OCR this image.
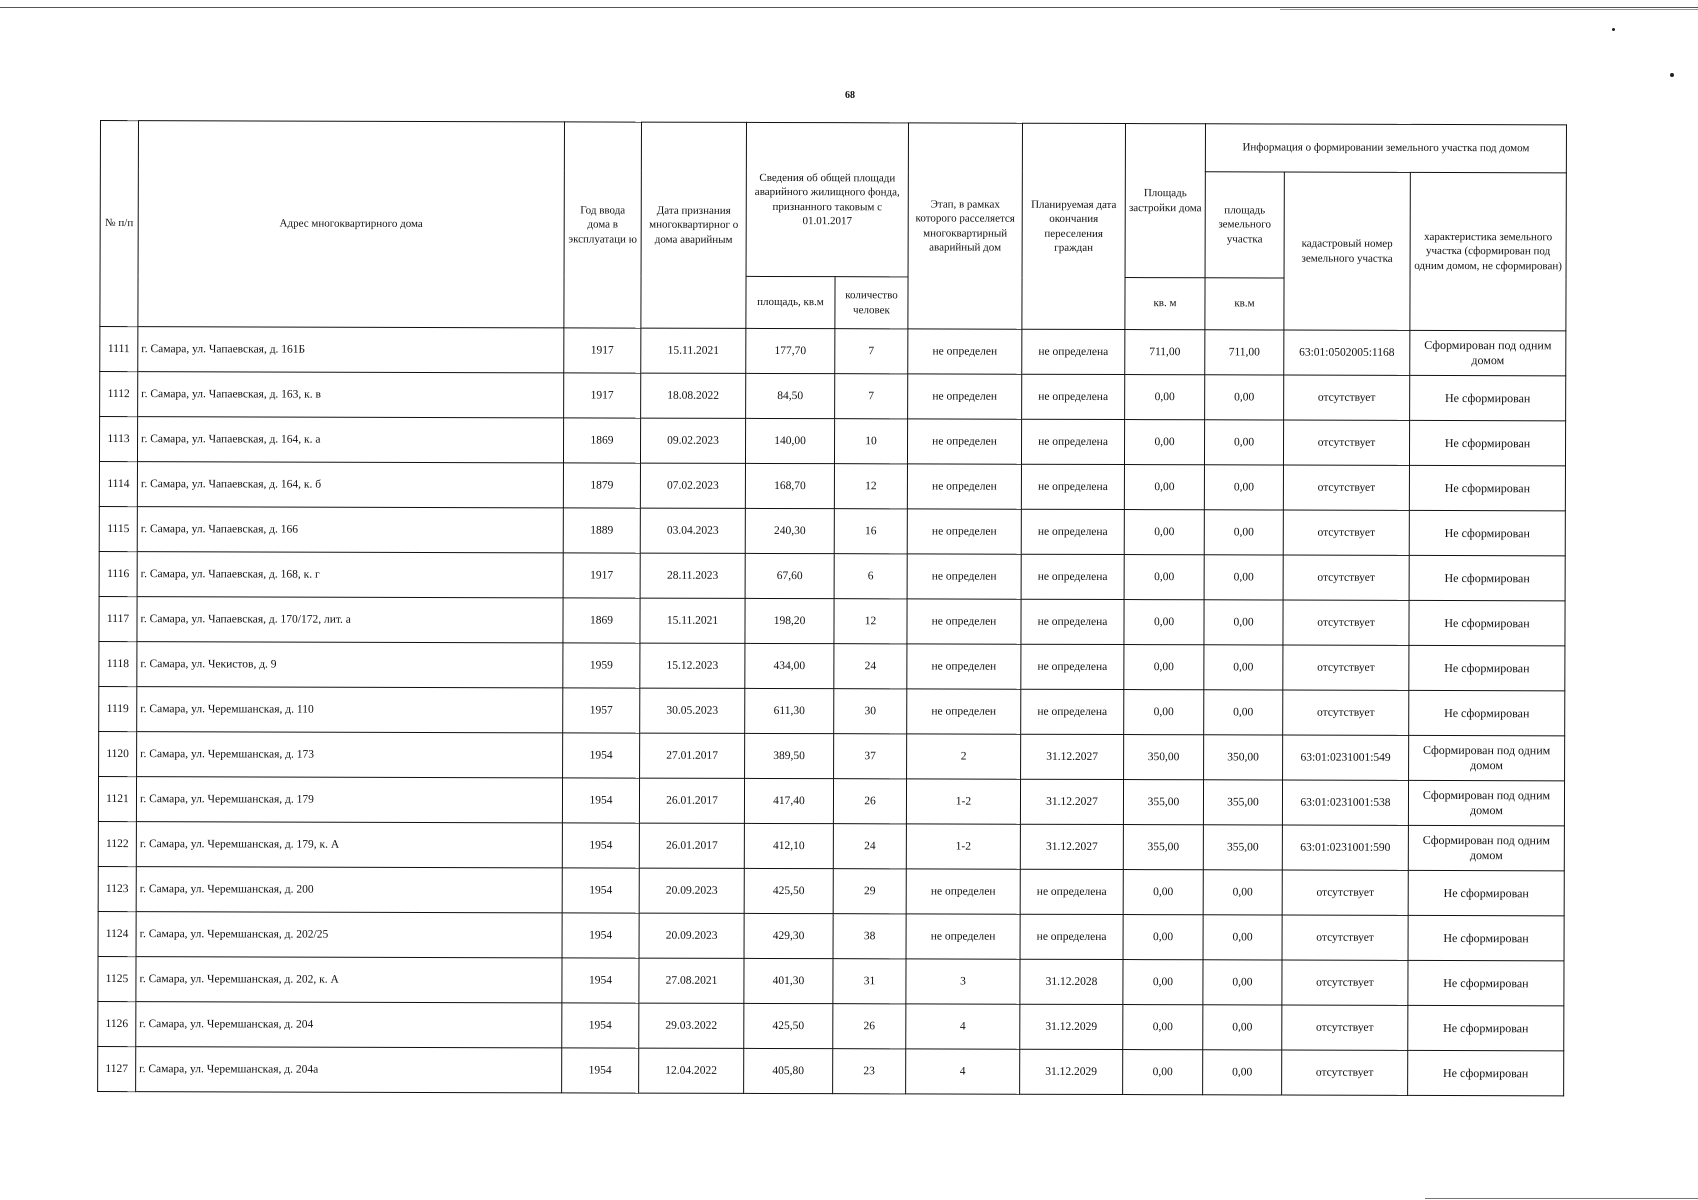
68
№ п/п	Адрес многоквартирного дома	Год ввода дома в эксплуатаци ю	Дата признания многоквартирног о дома аварийным	Сведения об общей площади аварийного жилищного фонда, признанного таковым с 01.01.2017		Этап, в рамках которого расселяется многоквартирный аварийный дом	Планируемая дата окончания переселения граждан	Площадь застройки дома	Информация о формировании земельного участка под домом		
									площадь земельного участка	кадастровый номер земельного участка	характеристика земельного участка (сформирован под одним домом, не сформирован)
				площадь, кв.м	количество человек			кв. м	кв.м		
1111	г. Самара, ул. Чапаевская, д. 161Б	1917	15.11.2021	177,70	7	не определен	не определена	711,00	711,00	63:01:0502005:1168	Сформирован под одним домом
1112	г. Самара, ул. Чапаевская, д. 163, к. в	1917	18.08.2022	84,50	7	не определен	не определена	0,00	0,00	отсутствует	Не сформирован
1113	г. Самара, ул. Чапаевская, д. 164, к. а	1869	09.02.2023	140,00	10	не определен	не определена	0,00	0,00	отсутствует	Не сформирован
1114	г. Самара, ул. Чапаевская, д. 164, к. б	1879	07.02.2023	168,70	12	не определен	не определена	0,00	0,00	отсутствует	Не сформирован
1115	г. Самара, ул. Чапаевская, д. 166	1889	03.04.2023	240,30	16	не определен	не определена	0,00	0,00	отсутствует	Не сформирован
1116	г. Самара, ул. Чапаевская, д. 168, к. г	1917	28.11.2023	67,60	6	не определен	не определена	0,00	0,00	отсутствует	Не сформирован
1117	г. Самара, ул. Чапаевская, д. 170/172, лит. а	1869	15.11.2021	198,20	12	не определен	не определена	0,00	0,00	отсутствует	Не сформирован
1118	г. Самара, ул. Чекистов, д. 9	1959	15.12.2023	434,00	24	не определен	не определена	0,00	0,00	отсутствует	Не сформирован
1119	г. Самара, ул. Черемшанская, д. 110	1957	30.05.2023	611,30	30	не определен	не определена	0,00	0,00	отсутствует	Не сформирован
1120	г. Самара, ул. Черемшанская, д. 173	1954	27.01.2017	389,50	37	2	31.12.2027	350,00	350,00	63:01:0231001:549	Сформирован под одним домом
1121	г. Самара, ул. Черемшанская, д. 179	1954	26.01.2017	417,40	26	1-2	31.12.2027	355,00	355,00	63:01:0231001:538	Сформирован под одним домом
1122	г. Самара, ул. Черемшанская, д. 179, к. А	1954	26.01.2017	412,10	24	1-2	31.12.2027	355,00	355,00	63:01:0231001:590	Сформирован под одним домом
1123	г. Самара, ул. Черемшанская, д. 200	1954	20.09.2023	425,50	29	не определен	не определена	0,00	0,00	отсутствует	Не сформирован
1124	г. Самара, ул. Черемшанская, д. 202/25	1954	20.09.2023	429,30	38	не определен	не определена	0,00	0,00	отсутствует	Не сформирован
1125	г. Самара, ул. Черемшанская, д. 202, к. А	1954	27.08.2021	401,30	31	3	31.12.2028	0,00	0,00	отсутствует	Не сформирован
1126	г. Самара, ул. Черемшанская, д. 204	1954	29.03.2022	425,50	26	4	31.12.2029	0,00	0,00	отсутствует	Не сформирован
1127	г. Самара, ул. Черемшанская, д. 204а	1954	12.04.2022	405,80	23	4	31.12.2029	0,00	0,00	отсутствует	Не сформирован
